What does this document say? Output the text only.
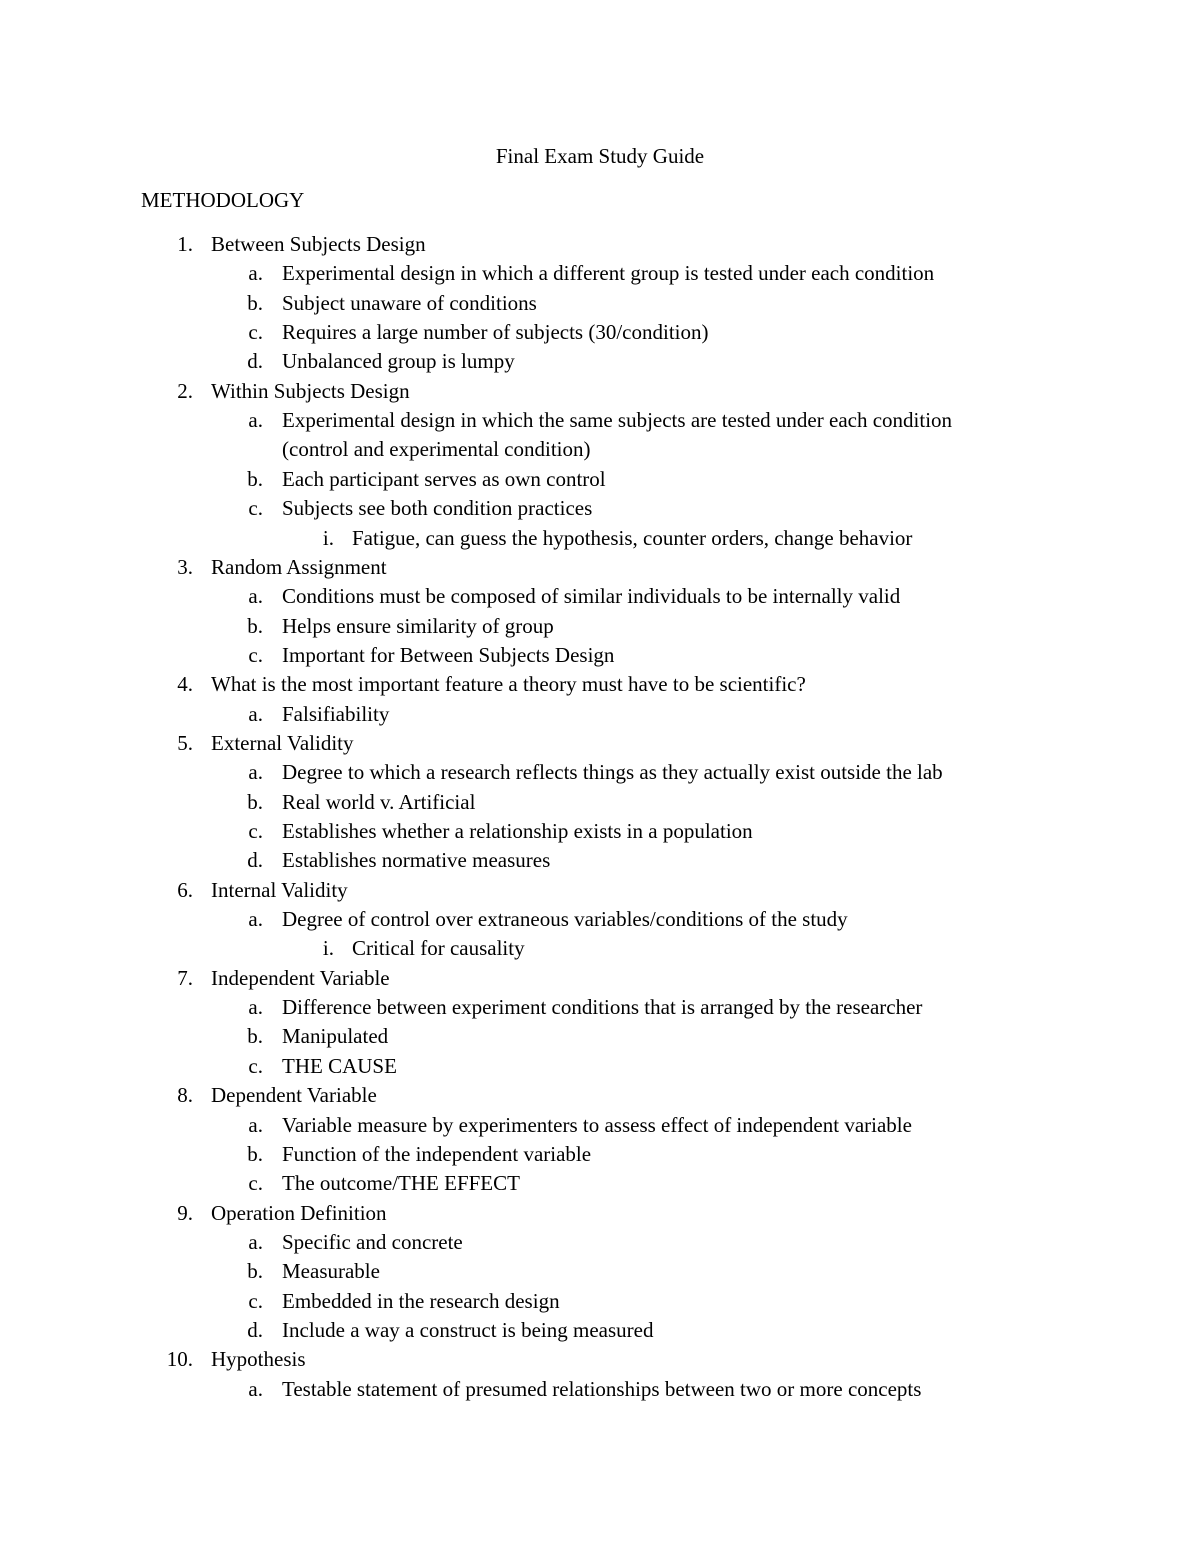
Final Exam Study Guide
METHODOLOGY
1. Between Subjects Design
a. Experimental design in which a different group is tested under each condition
b. Subject unaware of conditions
c. Requires a large number of subjects (30/condition)
d. Unbalanced group is lumpy
2. Within Subjects Design
a. Experimental design in which the same subjects are tested under each condition
(control and experimental condition)
b. Each participant serves as own control
c. Subjects see both condition practices
i. Fatigue, can guess the hypothesis, counter orders, change behavior
3. Random Assignment
a. Conditions must be composed of similar individuals to be internally valid
b. Helps ensure similarity of group
c. Important for Between Subjects Design
4. What is the most important feature a theory must have to be scientific?
a. Falsifiability
5. External Validity
a. Degree to which a research reflects things as they actually exist outside the lab
b. Real world v. Artificial
c. Establishes whether a relationship exists in a population
d. Establishes normative measures
6. Internal Validity
a. Degree of control over extraneous variables/conditions of the study
i. Critical for causality
7. Independent Variable
a. Difference between experiment conditions that is arranged by the researcher
b. Manipulated
c. THE CAUSE
8. Dependent Variable
a. Variable measure by experimenters to assess effect of independent variable
b. Function of the independent variable
c. The outcome/THE EFFECT
9. Operation Definition
a. Specific and concrete
b. Measurable
c. Embedded in the research design
d. Include a way a construct is being measured
10. Hypothesis
a. Testable statement of presumed relationships between two or more concepts
